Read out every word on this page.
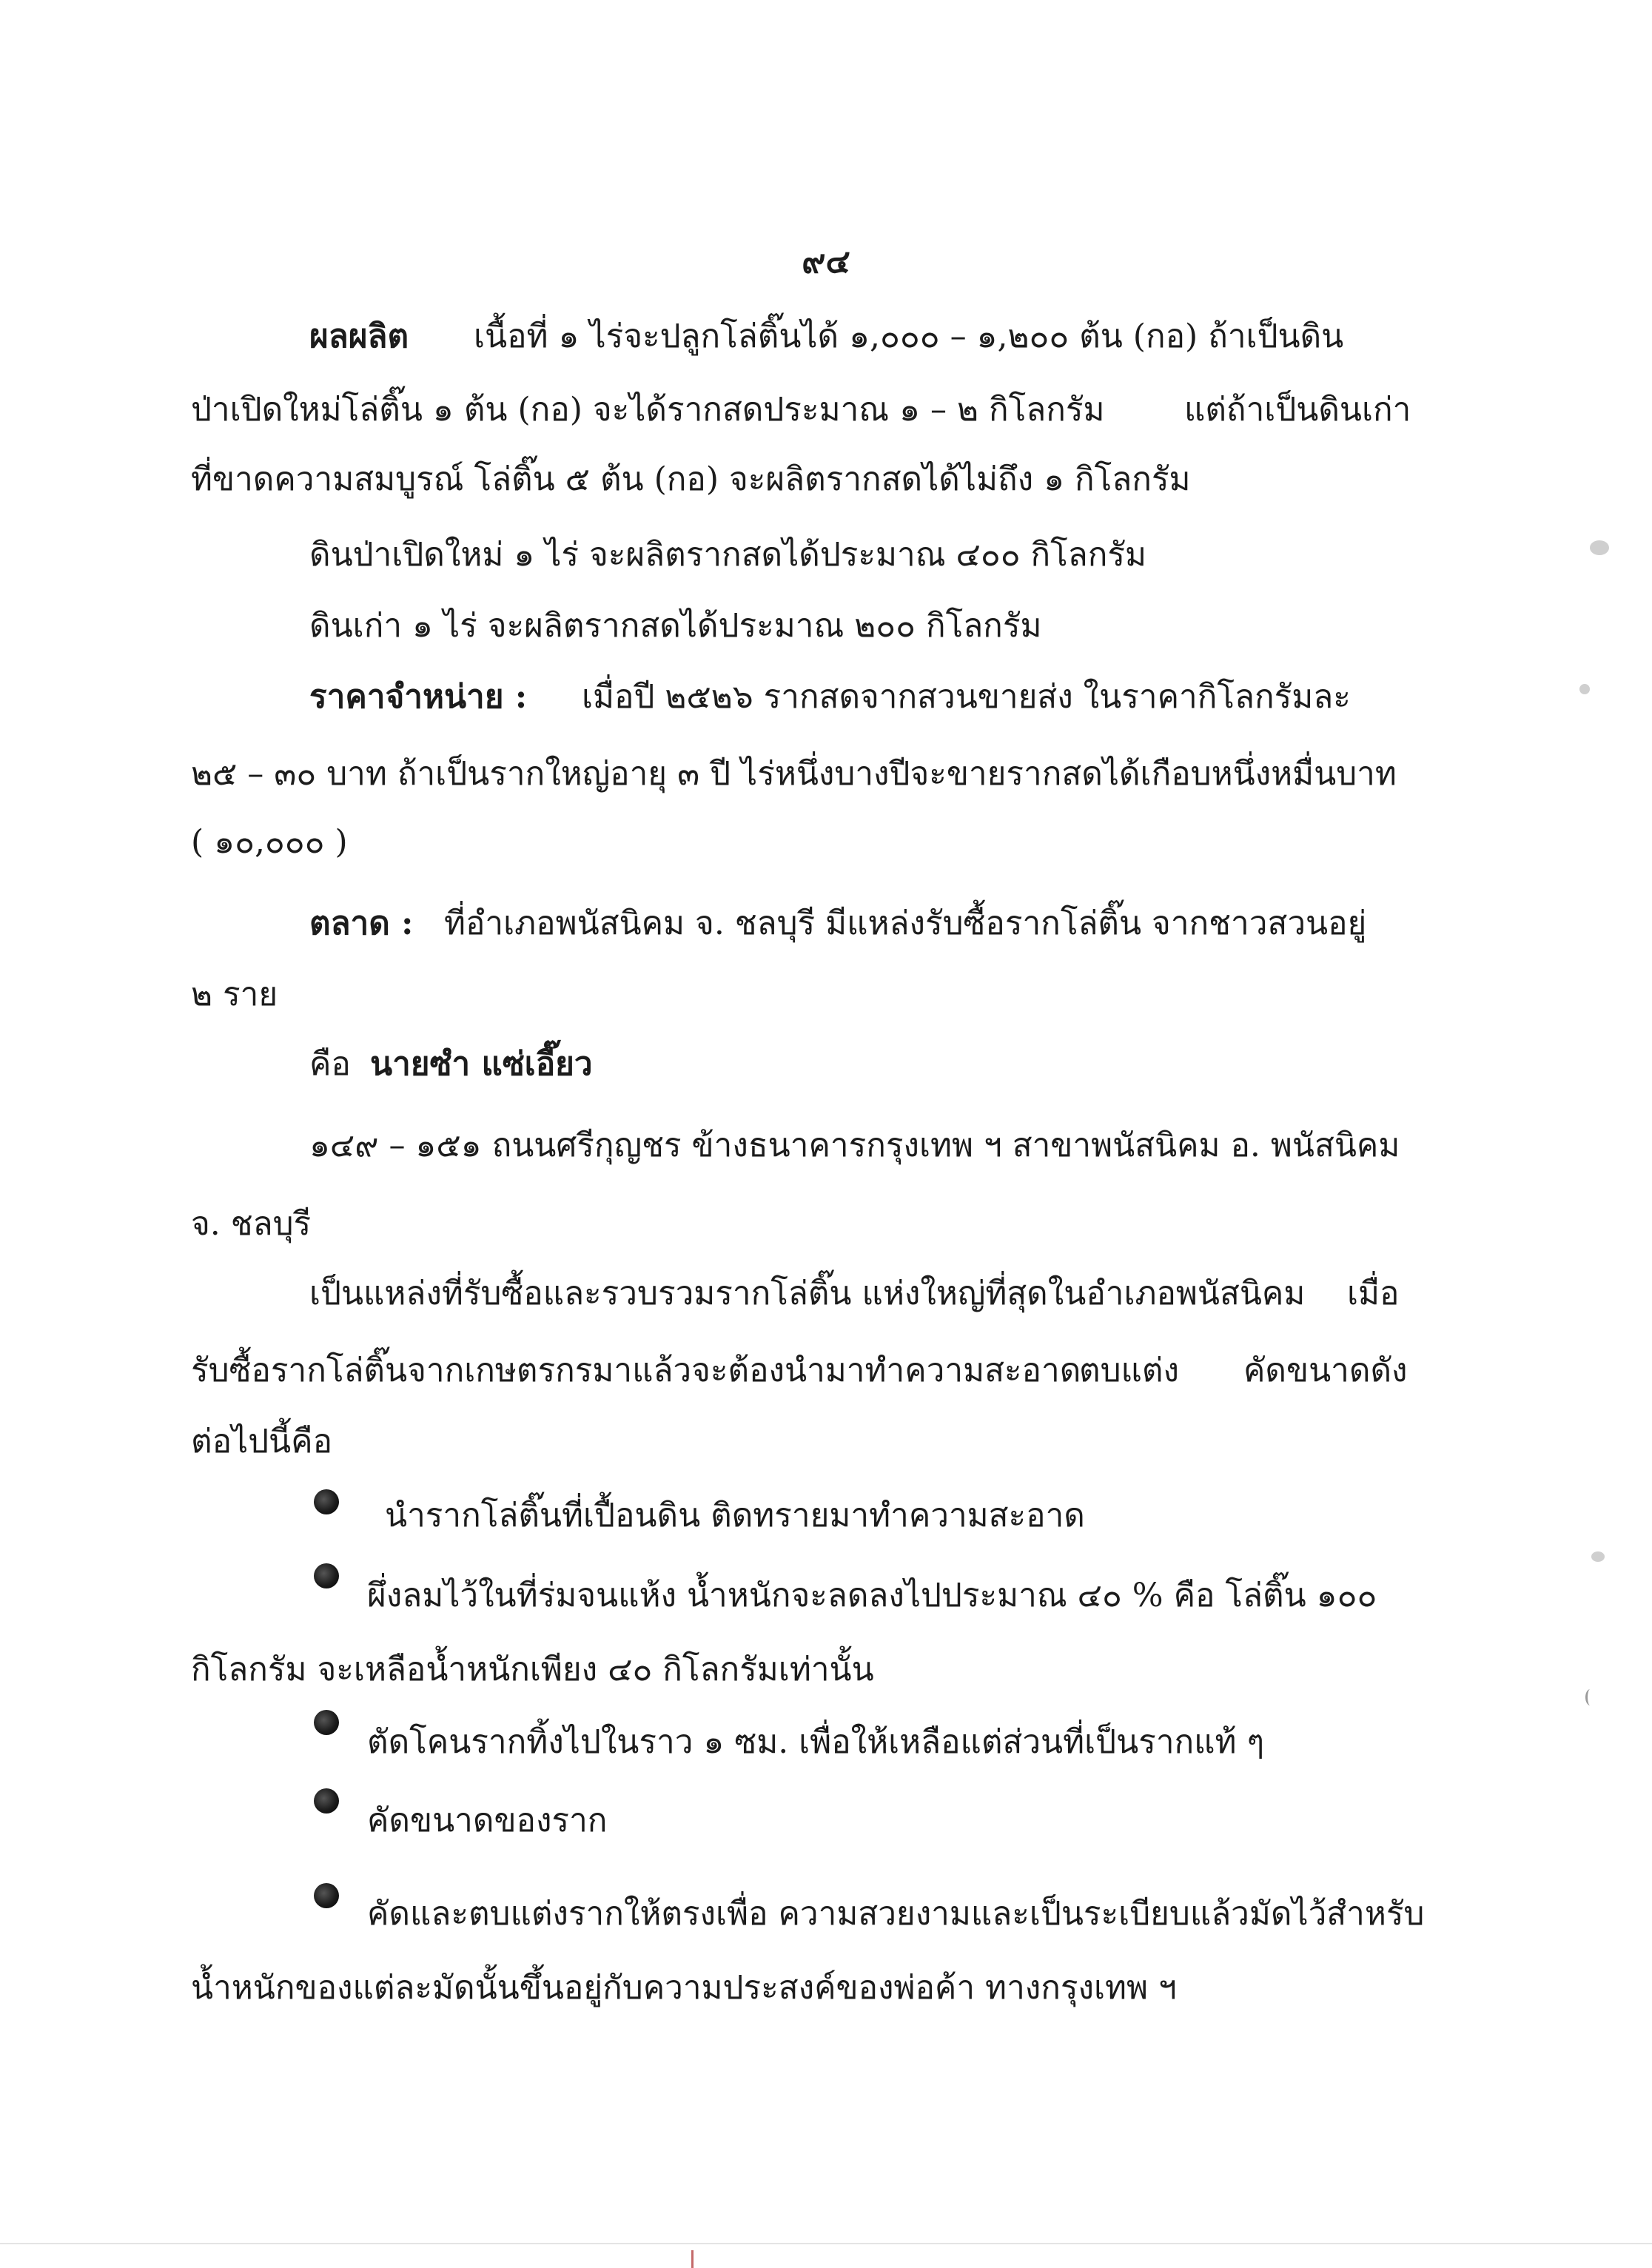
๙๔
ผลผลิต เนื้อที่ ๑ ไร่จะปลูกโล่ติ๊นได้ ๑,๐๐๐ – ๑,๒๐๐ ต้น (กอ) ถ้าเป็นดิน
ป่าเปิดใหม่โล่ติ๊น ๑ ต้น (กอ) จะได้รากสดประมาณ ๑ – ๒ กิโลกรัม แต่ถ้าเป็นดินเก่า
ที่ขาดความสมบูรณ์ โล่ติ๊น ๕ ต้น (กอ) จะผลิตรากสดได้ไม่ถึง ๑ กิโลกรัม
ดินป่าเปิดใหม่ ๑ ไร่ จะผลิตรากสดได้ประมาณ ๔๐๐ กิโลกรัม
ดินเก่า ๑ ไร่ จะผลิตรากสดได้ประมาณ ๒๐๐ กิโลกรัม
ราคาจำหน่าย : เมื่อปี ๒๕๒๖ รากสดจากสวนขายส่ง ในราคากิโลกรัมละ
๒๕ – ๓๐ บาท ถ้าเป็นรากใหญ่อายุ ๓ ปี ไร่หนึ่งบางปีจะขายรากสดได้เกือบหนึ่งหมื่นบาท
( ๑๐,๐๐๐ )
ตลาด : ที่อำเภอพนัสนิคม จ. ชลบุรี มีแหล่งรับซื้อรากโล่ติ๊น จากชาวสวนอยู่
๒ ราย
คือ นายซำ แซ่เอี๊ยว
๑๔๙ – ๑๕๑ ถนนศรีกุญชร ข้างธนาคารกรุงเทพ ฯ สาขาพนัสนิคม อ. พนัสนิคม
จ. ชลบุรี
เป็นแหล่งที่รับซื้อและรวบรวมรากโล่ติ๊น แห่งใหญ่ที่สุดในอำเภอพนัสนิคม เมื่อ
รับซื้อรากโล่ติ๊นจากเกษตรกรมาแล้วจะต้องนำมาทำความสะอาด
ตบแต่ง คัดขนาดดัง
ต่อไปนี้คือ
นำรากโล่ติ๊นที่เปื้อนดิน ติดทรายมาทำความสะอาด
ผึ่งลมไว้ในที่ร่มจนแห้ง น้ำหนักจะลดลงไปประมาณ ๔๐ % คือ โล่ติ๊น ๑๐๐
กิโลกรัม จะเหลือน้ำหนักเพียง ๔๐ กิโลกรัมเท่านั้น
ตัดโคนรากทิ้งไปในราว ๑ ซม. เพื่อให้เหลือแต่ส่วนที่เป็นรากแท้ ๆ
คัดขนาดของราก
คัดและตบแต่งรากให้ตรงเพื่อ ความสวยงามและเป็นระเบียบแล้วมัดไว้สำหรับ
น้ำหนักของแต่ละมัดนั้นขึ้นอยู่กับความประสงค์ของพ่อค้า ทางกรุงเทพ ฯ
